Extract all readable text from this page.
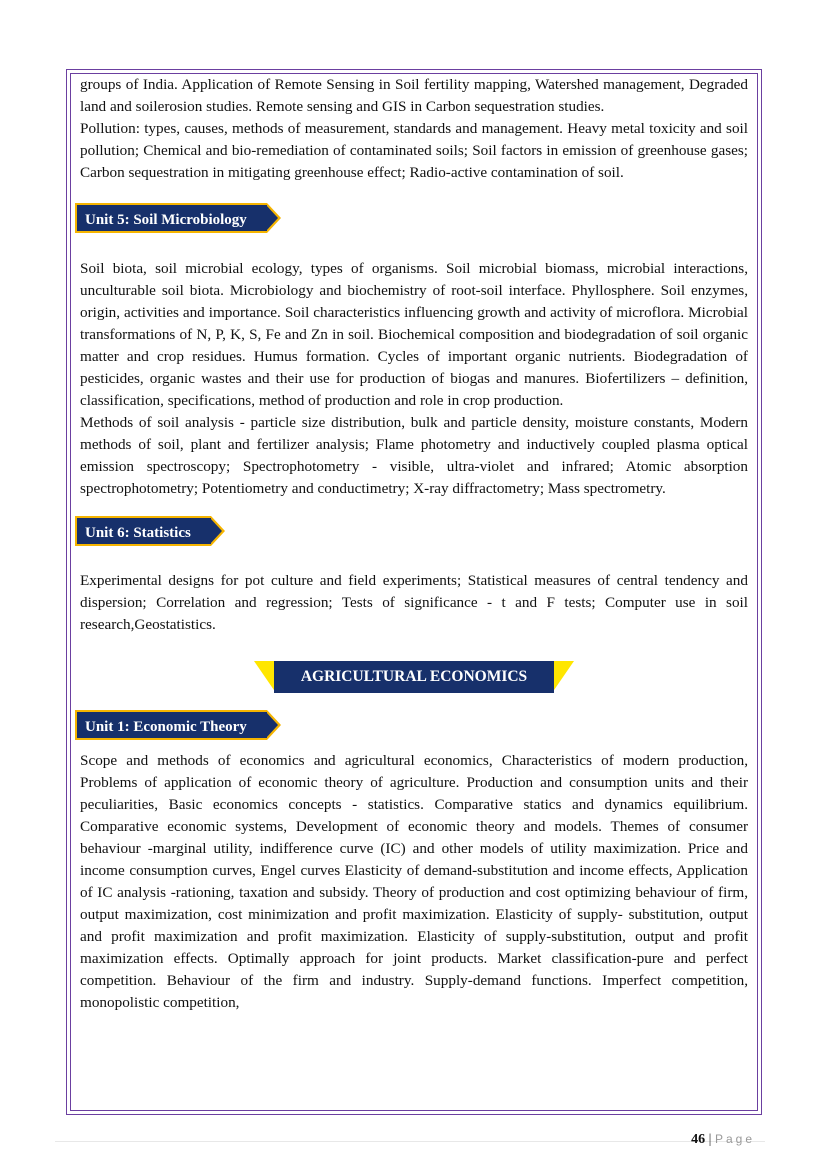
groups of India. Application of Remote Sensing in Soil fertility mapping, Watershed management, Degraded land and soilerosion studies. Remote sensing and GIS in Carbon sequestration studies.

Pollution: types, causes, methods of measurement, standards and management. Heavy metal toxicity and soil pollution; Chemical and bio-remediation of contaminated soils; Soil factors in emission of greenhouse gases; Carbon sequestration in mitigating greenhouse effect; Radio-active contamination of soil.

Unit 5: Soil Microbiology

Soil biota, soil microbial ecology, types of organisms. Soil microbial biomass, microbial interactions, unculturable soil biota. Microbiology and biochemistry of root-soil interface. Phyllosphere. Soil enzymes, origin, activities and importance. Soil characteristics influencing growth and activity of microflora. Microbial transformations of N, P, K, S, Fe and Zn in soil. Biochemical composition and biodegradation of soil organic matter and crop residues. Humus formation. Cycles of important organic nutrients. Biodegradation of pesticides, organic wastes and their use for production of biogas and manures. Biofertilizers – definition, classification, specifications, method of production and role in crop production.

Methods of soil analysis - particle size distribution, bulk and particle density, moisture constants, Modern methods of soil, plant and fertilizer analysis; Flame photometry and inductively coupled plasma optical emission spectroscopy; Spectrophotometry - visible, ultra-violet and infrared; Atomic absorption spectrophotometry; Potentiometry and conductimetry; X-ray diffractometry; Mass spectrometry.

Unit 6: Statistics

Experimental designs for pot culture and field experiments; Statistical measures of central tendency and dispersion; Correlation and regression; Tests of significance - t and F tests; Computer use in soil research,Geostatistics.

AGRICULTURAL ECONOMICS
Unit 1: Economic Theory

Scope and methods of economics and agricultural economics, Characteristics of modern production, Problems of application of economic theory of agriculture. Production and consumption units and their peculiarities, Basic economics concepts - statistics. Comparative statics and dynamics equilibrium. Comparative economic systems, Development of economic theory and models. Themes of consumer behaviour -marginal utility, indifference curve (IC) and other models of utility maximization. Price and income consumption curves, Engel curves Elasticity of demand-substitution and income effects, Application of IC analysis -rationing, taxation and subsidy. Theory of production and cost optimizing behaviour of firm, output maximization, cost minimization and profit maximization. Elasticity of supply- substitution, output and profit maximization and profit maximization. Elasticity of supply-substitution, output and profit maximization effects. Optimally approach for joint products. Market classification-pure and perfect competition. Behaviour of the firm and industry. Supply-demand functions. Imperfect competition, monopolistic competition,

46 | Page
